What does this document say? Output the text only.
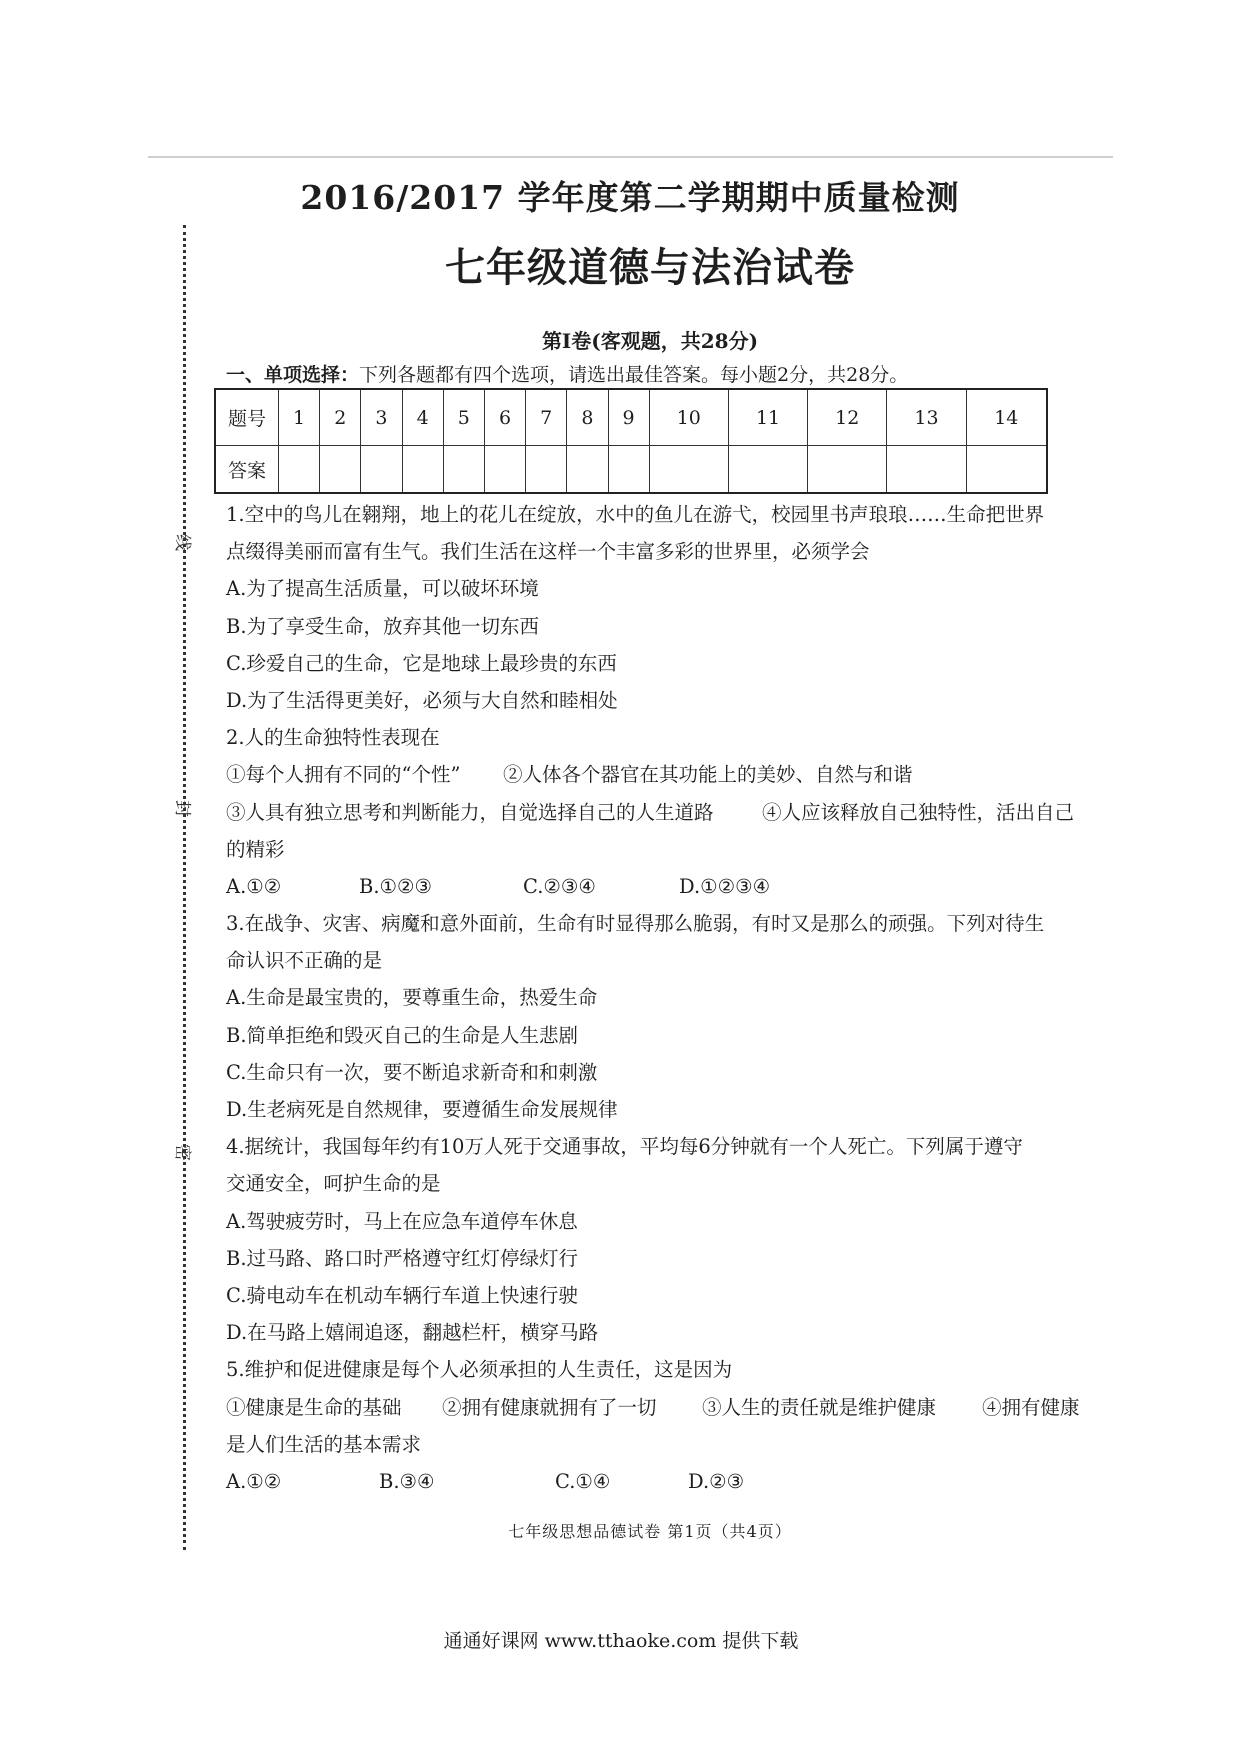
线
封
密
2016/2017 学年度第二学期期中质量检测
七年级道德与法治试卷
第Ⅰ卷(客观题，共28分)
一、单项选择：下列各题都有四个选项，请选出最佳答案。每小题2分，共28分。
题号	1	2	3	4	5	6	7	8	9	10	11	12	13	14
答案														
1.空中的鸟儿在翱翔，地上的花儿在绽放，水中的鱼儿在游弋，校园里书声琅琅……生命把世界
点缀得美丽而富有生气。我们生活在这样一个丰富多彩的世界里，必须学会
A.为了提高生活质量，可以破坏环境
B.为了享受生命，放弃其他一切东西
C.珍爱自己的生命，它是地球上最珍贵的东西
D.为了生活得更美好，必须与大自然和睦相处
2.人的生命独特性表现在
①每个人拥有不同的“个性” ②人体各个器官在其功能上的美妙、自然与和谐
③人具有独立思考和判断能力，自觉选择自己的人生道路 ④人应该释放自己独特性，活出自己
的精彩
A.①②	B.①②③	C.②③④	D.①②③④
3.在战争、灾害、病魔和意外面前，生命有时显得那么脆弱，有时又是那么的顽强。下列对待生
命认识不正确的是
A.生命是最宝贵的，要尊重生命，热爱生命
B.简单拒绝和毁灭自己的生命是人生悲剧
C.生命只有一次，要不断追求新奇和和刺激
D.生老病死是自然规律，要遵循生命发展规律
4.据统计，我国每年约有10万人死于交通事故，平均每6分钟就有一个人死亡。下列属于遵守
交通安全，呵护生命的是
A.驾驶疲劳时，马上在应急车道停车休息
B.过马路、路口时严格遵守红灯停绿灯行
C.骑电动车在机动车辆行车道上快速行驶
D.在马路上嬉闹追逐，翻越栏杆，横穿马路
5.维护和促进健康是每个人必须承担的人生责任，这是因为
①健康是生命的基础 ②拥有健康就拥有了一切 ③人生的责任就是维护健康 ④拥有健康
是人们生活的基本需求
A.①②	B.③④	C.①④	D.②③
七年级思想品德试卷 第1页（共4页）
通通好课网 www.tthaoke.com 提供下载
